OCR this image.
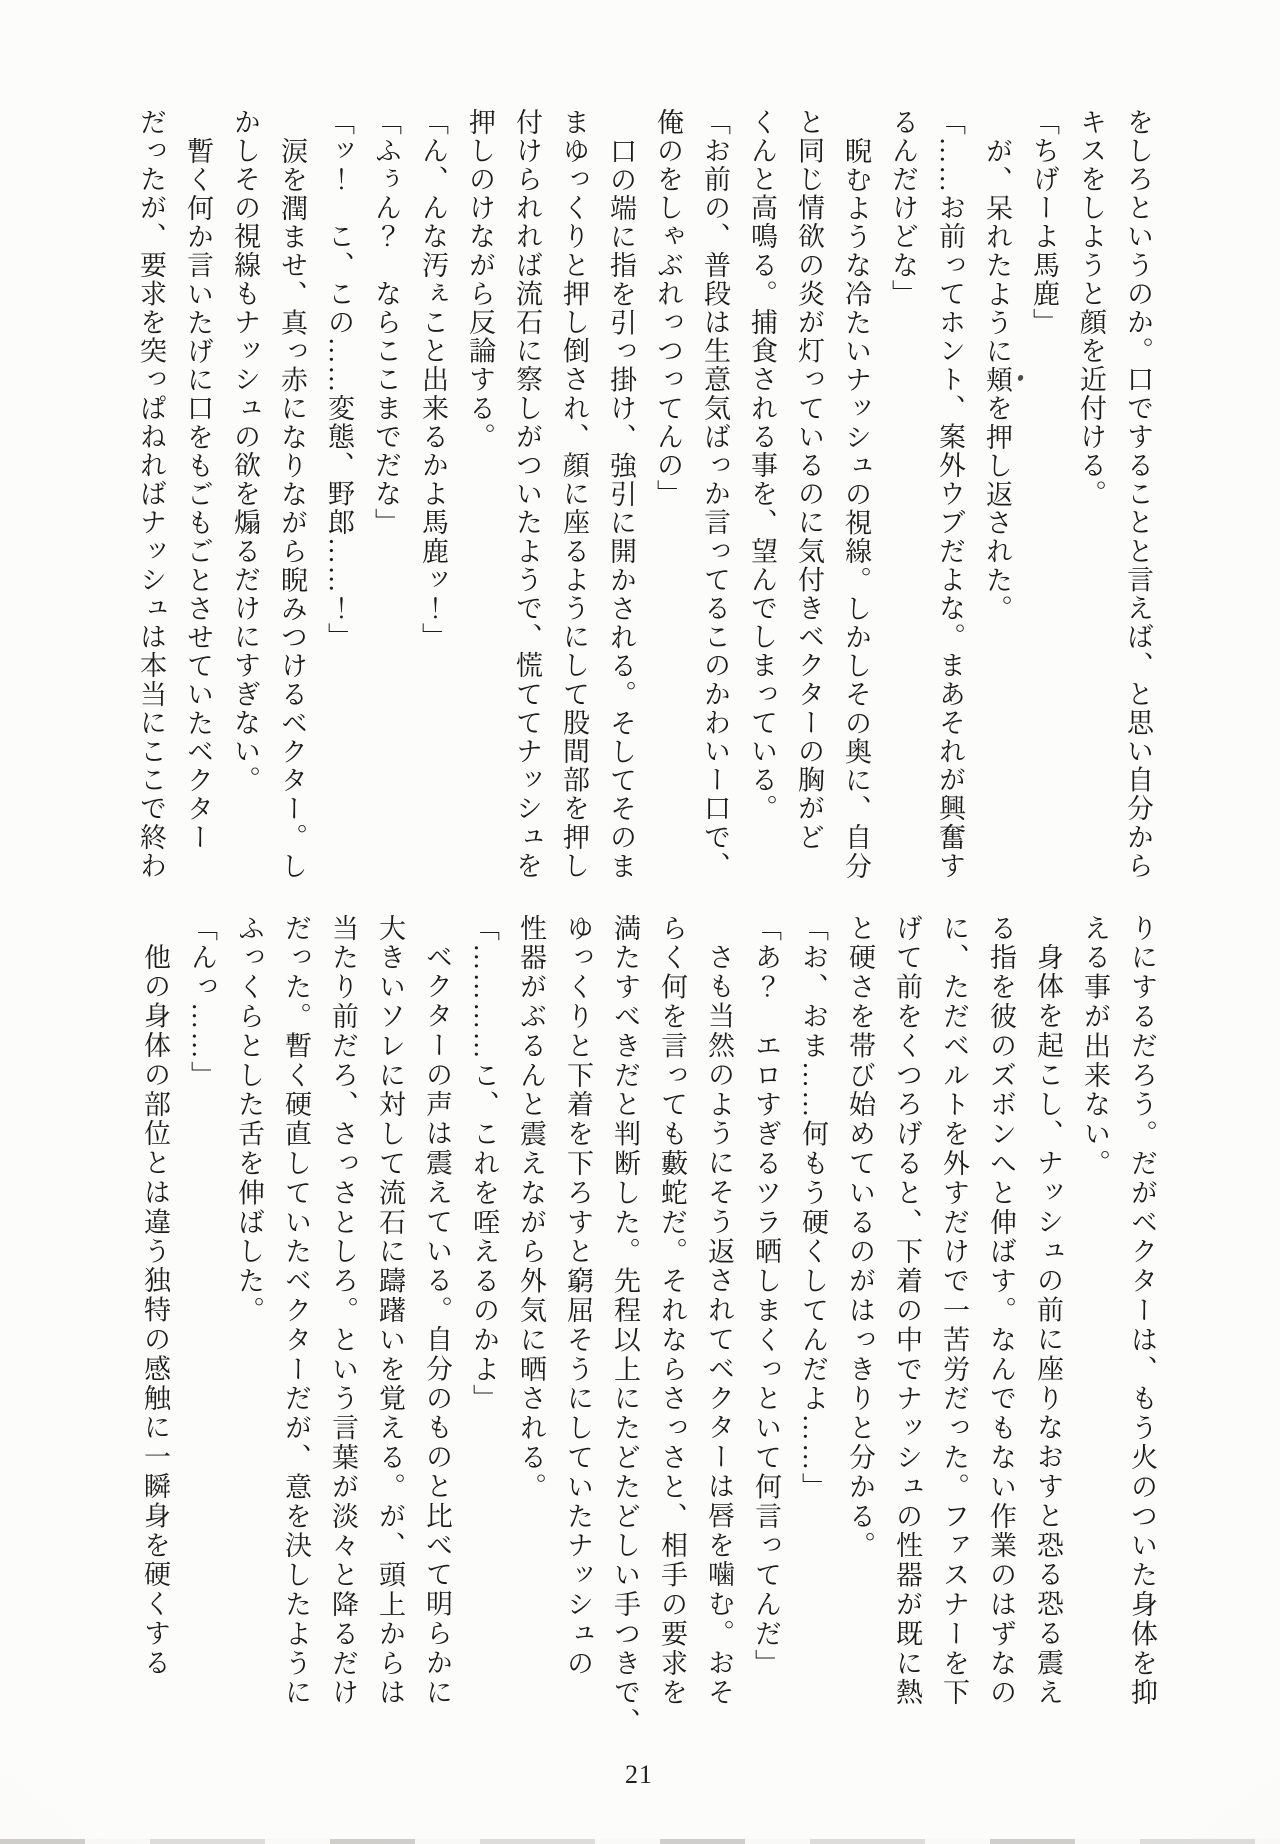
をしろというのか。口ですることと言えば、と思い自分から
キスをしようと顔を近付ける。
「ちげーよ馬鹿」
が、呆れたように頬を押し返された。
「……お前ってホント、案外ウブだよな。まあそれが興奮す
るんだけどな」
睨むような冷たいナッシュの視線。しかしその奥に、自分
と同じ情欲の炎が灯っているのに気付きベクターの胸がど
くんと高鳴る。捕食される事を、望んでしまっている。
「お前の、普段は生意気ばっか言ってるこのかわいー口で、
俺のをしゃぶれっつってんの」
口の端に指を引っ掛け、強引に開かされる。そしてそのま
まゆっくりと押し倒され、顔に座るようにして股間部を押し
付けられれば流石に察しがついたようで、慌ててナッシュを
押しのけながら反論する。
「ん、んな汚ぇこと出来るかよ馬鹿ッ！」
「ふぅん？　ならここまでだな」
「ッ！　こ、この……変態、野郎……！」
涙を潤ませ、真っ赤になりながら睨みつけるベクター。し
かしその視線もナッシュの欲を煽るだけにすぎない。
暫く何か言いたげに口をもごもごとさせていたベクター
だったが、要求を突っぱねればナッシュは本当にここで終わ
りにするだろう。だがベクターは、もう火のついた身体を抑
える事が出来ない。
身体を起こし、ナッシュの前に座りなおすと恐る恐る震え
る指を彼のズボンへと伸ばす。なんでもない作業のはずなの
に、ただベルトを外すだけで一苦労だった。ファスナーを下
げて前をくつろげると、下着の中でナッシュの性器が既に熱
と硬さを帯び始めているのがはっきりと分かる。
「お、おま……何もう硬くしてんだよ……」
「あ？　エロすぎるツラ晒しまくっといて何言ってんだ」
さも当然のようにそう返されてベクターは唇を噛む。おそ
らく何を言っても藪蛇だ。それならさっさと、相手の要求を
満たすべきだと判断した。先程以上にたどたどしい手つきで、
ゆっくりと下着を下ろすと窮屈そうにしていたナッシュの
性器がぶるんと震えながら外気に晒される。
「…………こ、これを咥えるのかよ」
ベクターの声は震えている。自分のものと比べて明らかに
大きいソレに対して流石に躊躇いを覚える。が、頭上からは
当たり前だろ、さっさとしろ。という言葉が淡々と降るだけ
だった。暫く硬直していたベクターだが、意を決したように
ふっくらとした舌を伸ばした。
「んっ……」
他の身体の部位とは違う独特の感触に一瞬身を硬くする
21
